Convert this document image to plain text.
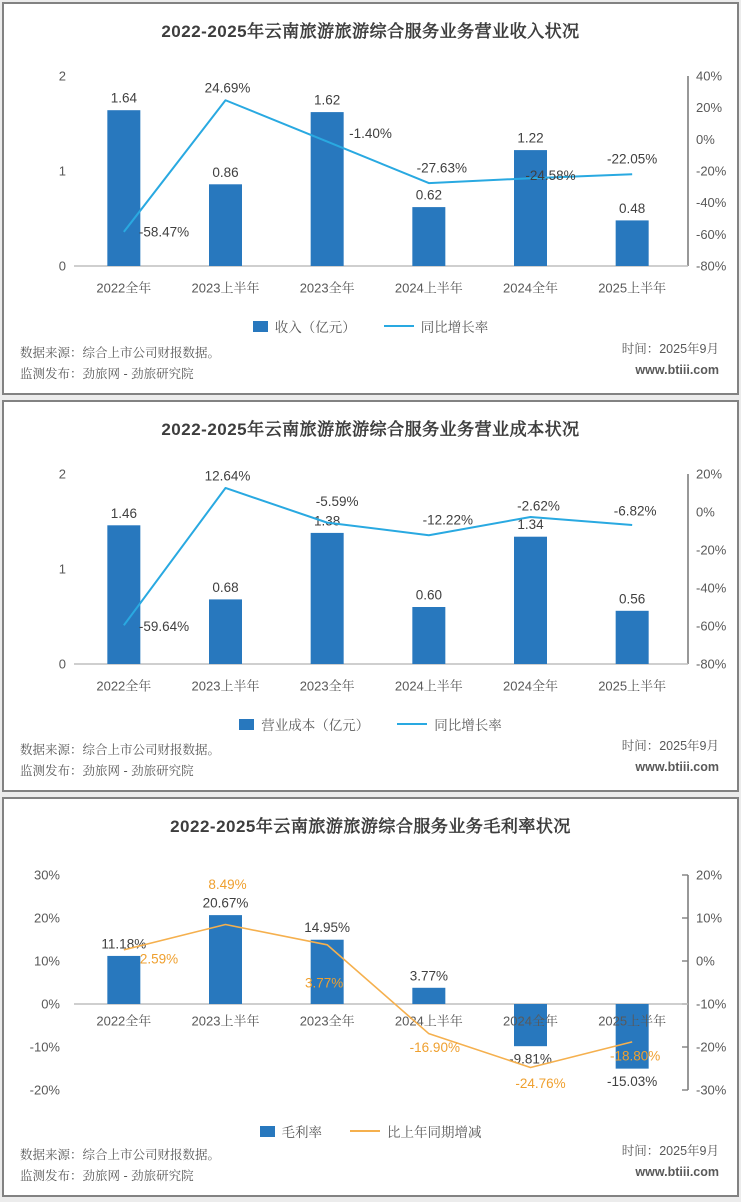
2022-2025年云南旅游旅游综合服务业务营业收入状况
2
1
0
40%
20%
0%
-20%
-40%
-60%
-80%
2022全年	2023上半年	2023全年	2024上半年	2024全年	2025上半年
1.64
0.86
1.62
0.62
1.22
0.48
-58.47%
24.69%
-1.40%
-27.63%	-24.58%
-22.05%
收入（亿元）	同比增长率
数据来源：综合上市公司财报数据。
监测发布：劲旅网 - 劲旅研究院
时间：2025年9月
www.btiii.com
2022-2025年云南旅游旅游综合服务业务营业成本状况
2
1
0
20%
0%
-20%
-40%
-60%
-80%
2022全年	2023上半年	2023全年	2024上半年	2024全年	2025上半年
1.46
0.68
1.38
0.60
1.34
0.56
-59.64%
12.64%
-5.59%
-12.22%
-2.62%	-6.82%
营业成本（亿元）	同比增长率
数据来源：综合上市公司财报数据。
监测发布：劲旅网 - 劲旅研究院
时间：2025年9月
www.btiii.com
2022-2025年云南旅游旅游综合服务业务毛利率状况
30%
20%
10%
0%
-10%
-20%
20%
10%
0%
-10%
-20%
-30%
2022全年	2023上半年	2023全年	2024上半年	2024全年	2025上半年
11.18%
20.67%
14.95%
3.77%
-9.81%
-15.03%
2.59%
8.49%
3.77%
-16.90%
-24.76%
-18.80%
毛利率	比上年同期增减
数据来源：综合上市公司财报数据。
监测发布：劲旅网 - 劲旅研究院
时间：2025年9月
www.btiii.com
